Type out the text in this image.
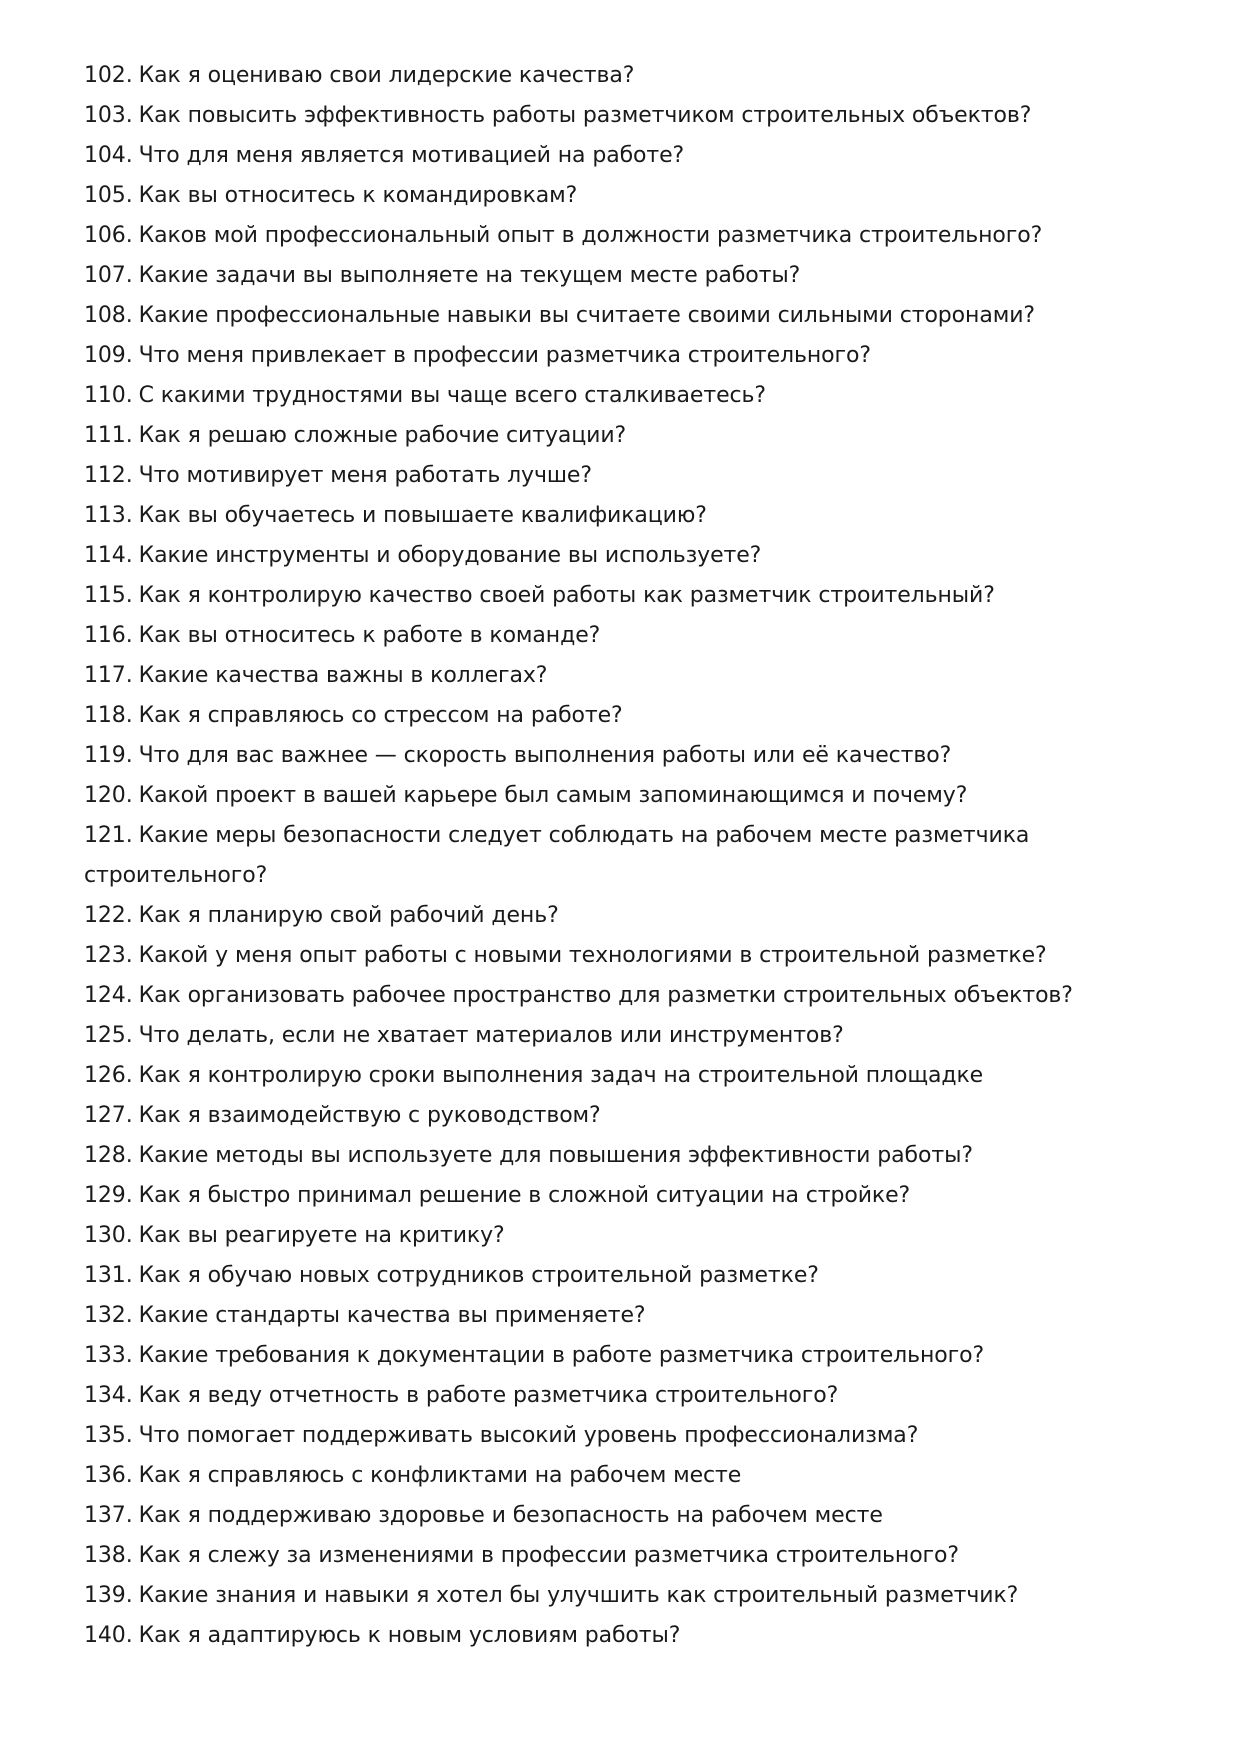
102. Как я оцениваю свои лидерские качества?

103. Как повысить эффективность работы разметчиком строительных объектов?

104. Что для меня является мотивацией на работе?

105. Как вы относитесь к командировкам?

106. Каков мой профессиональный опыт в должности разметчика строительного?

107. Какие задачи вы выполняете на текущем месте работы?

108. Какие профессиональные навыки вы считаете своими сильными сторонами?

109. Что меня привлекает в профессии разметчика строительного?

110. С какими трудностями вы чаще всего сталкиваетесь?

111. Как я решаю сложные рабочие ситуации?

112. Что мотивирует меня работать лучше?

113. Как вы обучаетесь и повышаете квалификацию?

114. Какие инструменты и оборудование вы используете?

115. Как я контролирую качество своей работы как разметчик строительный?

116. Как вы относитесь к работе в команде?

117. Какие качества важны в коллегах?

118. Как я справляюсь со стрессом на работе?

119. Что для вас важнее — скорость выполнения работы или её качество?

120. Какой проект в вашей карьере был самым запоминающимся и почему?

121. Какие меры безопасности следует соблюдать на рабочем месте разметчика строительного?

122. Как я планирую свой рабочий день?

123. Какой у меня опыт работы с новыми технологиями в строительной разметке?

124. Как организовать рабочее пространство для разметки строительных объектов?

125. Что делать, если не хватает материалов или инструментов?

126. Как я контролирую сроки выполнения задач на строительной площадке

127. Как я взаимодействую с руководством?

128. Какие методы вы используете для повышения эффективности работы?

129. Как я быстро принимал решение в сложной ситуации на стройке?

130. Как вы реагируете на критику?

131. Как я обучаю новых сотрудников строительной разметке?

132. Какие стандарты качества вы применяете?

133. Какие требования к документации в работе разметчика строительного?

134. Как я веду отчетность в работе разметчика строительного?

135. Что помогает поддерживать высокий уровень профессионализма?

136. Как я справляюсь с конфликтами на рабочем месте

137. Как я поддерживаю здоровье и безопасность на рабочем месте

138. Как я слежу за изменениями в профессии разметчика строительного?

139. Какие знания и навыки я хотел бы улучшить как строительный разметчик?

140. Как я адаптируюсь к новым условиям работы?
